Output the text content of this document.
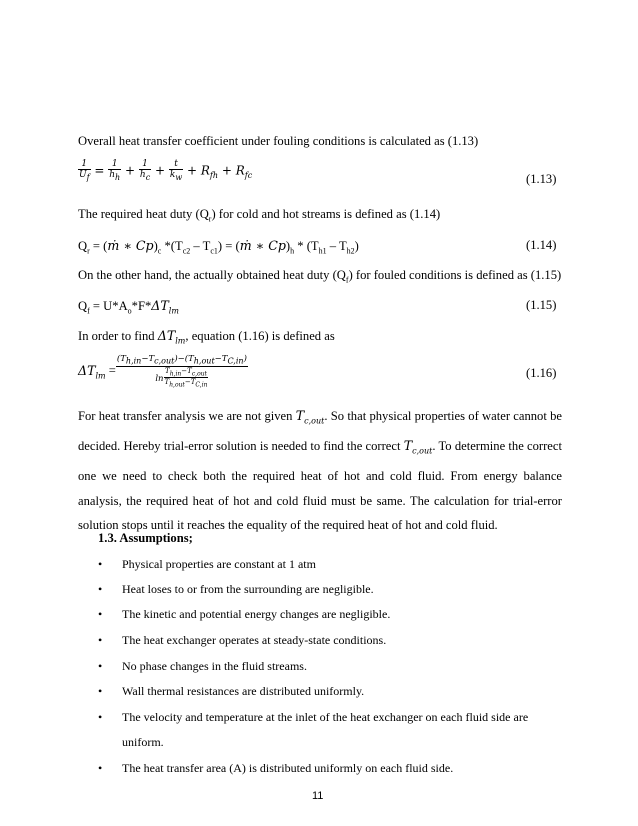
Overall heat transfer coefficient under fouling conditions is calculated as (1.13)
$\frac{1}{U_f} = \frac{1}{h_h} + \frac{1}{h_c} + \frac{t}{k_w} + R_{fh} + R_{fc}$	(1.13)
The required heat duty $(Q_r)$ for cold and hot streams is defined as (1.14)
$Q_r$ = (ṁ ∗ $Cp)_c$ $*(T_{c2} - T_{c1})$ = (ṁ ∗ $Cp)_h * (T_{h1} - T_{h2})$	(1.14)
On the other hand, the actually obtained heat duty $(Q_f)$ for fouled conditions is defined as (1.15)
$Q_f = U*A_o*F*\Delta T_{lm}$	(1.15)
In order to find $\Delta T_{lm}$, equation (1.16) is defined as
$\Delta T_{lm} = \frac{(T_{h,in}-T_{c,out})-(T_{h,out}-T_{C,in})}{\ln \frac{T_{h,in}-T_{c,out}}{T_{h,out}-T_{C,in}}}$	(1.16)
For heat transfer analysis we are not given $T_{c,out}$. So that physical properties of water cannot be decided. Hereby trial-error solution is needed to find the correct $T_{c,out}$. To determine the correct one we need to check both the required heat of hot and cold fluid. From energy balance analysis, the required heat of hot and cold fluid must be same. The calculation for trial-error solution stops until it reaches the equality of the required heat of hot and cold fluid.
1.3. Assumptions;
• Physical properties are constant at 1 atm
• Heat loses to or from the surrounding are negligible.
• The kinetic and potential energy changes are negligible.
• The heat exchanger operates at steady-state conditions.
• No phase changes in the fluid streams.
• Wall thermal resistances are distributed uniformly.
• The velocity and temperature at the inlet of the heat exchanger on each fluid side are
uniform.
• The heat transfer area (A) is distributed uniformly on each fluid side.
11
